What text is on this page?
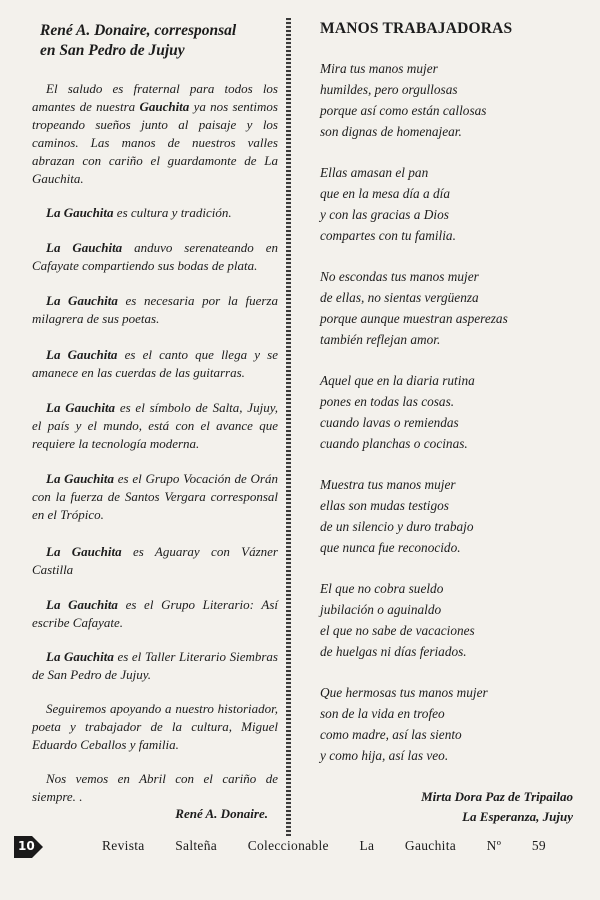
René A. Donaire, corresponsal
en San Pedro de Jujuy

El saludo es fraternal para todos los amantes de nuestra Gauchita ya nos sentimos tropeando sueños junto al paisaje y los caminos. Las manos de nuestros valles abrazan con cariño el guardamonte de La Gauchita.

La Gauchita es cultura y tradición.

La Gauchita anduvo serenateando en Cafayate compartiendo sus bodas de plata.

La Gauchita es necesaria por la fuerza milagrera de sus poetas.

La Gauchita es el canto que llega y se amanece en las cuerdas de las guitarras.

La Gauchita es el símbolo de Salta, Jujuy, el país y el mundo, está con el avance que requiere la tecnología moderna.

La Gauchita es el Grupo Vocación de Orán con la fuerza de Santos Vergara corresponsal en el Trópico.

La Gauchita es Aguaray con Vázner Castilla

La Gauchita es el Grupo Literario: Así escribe Cafayate.

La Gauchita es el Taller Literario Siembras de San Pedro de Jujuy.

Seguiremos apoyando a nuestro historiador, poeta y trabajador de la cultura, Miguel Eduardo Ceballos y familia.

Nos vemos en Abril con el cariño de siempre. .

René A. Donaire.
MANOS TRABAJADORAS
Mira tus manos mujer
humildes, pero orgullosas
porque así como están callosas
son dignas de homenajear.
Ellas amasan el pan
que en la mesa día a día
y con las gracias a Dios
compartes con tu familia.
No escondas tus manos mujer
de ellas, no sientas vergüenza
porque aunque muestran asperezas
también reflejan amor.
Aquel que en la diaria rutina
pones en todas las cosas.
cuando lavas o remiendas
cuando planchas o cocinas.
Muestra tus manos mujer
ellas son mudas testigos
de un silencio y duro trabajo
que nunca fue reconocido.
El que no cobra sueldo
jubilación o aguinaldo
el que no sabe de vacaciones
de huelgas ni días feriados.
Que hermosas tus manos mujer
son de la vida en trofeo
como madre, así las siento
y como hija, así las veo.
Mirta Dora Paz de Tripailao
La Esperanza, Jujuy
10	Revista Salteña Coleccionable La Gauchita Nº 59
